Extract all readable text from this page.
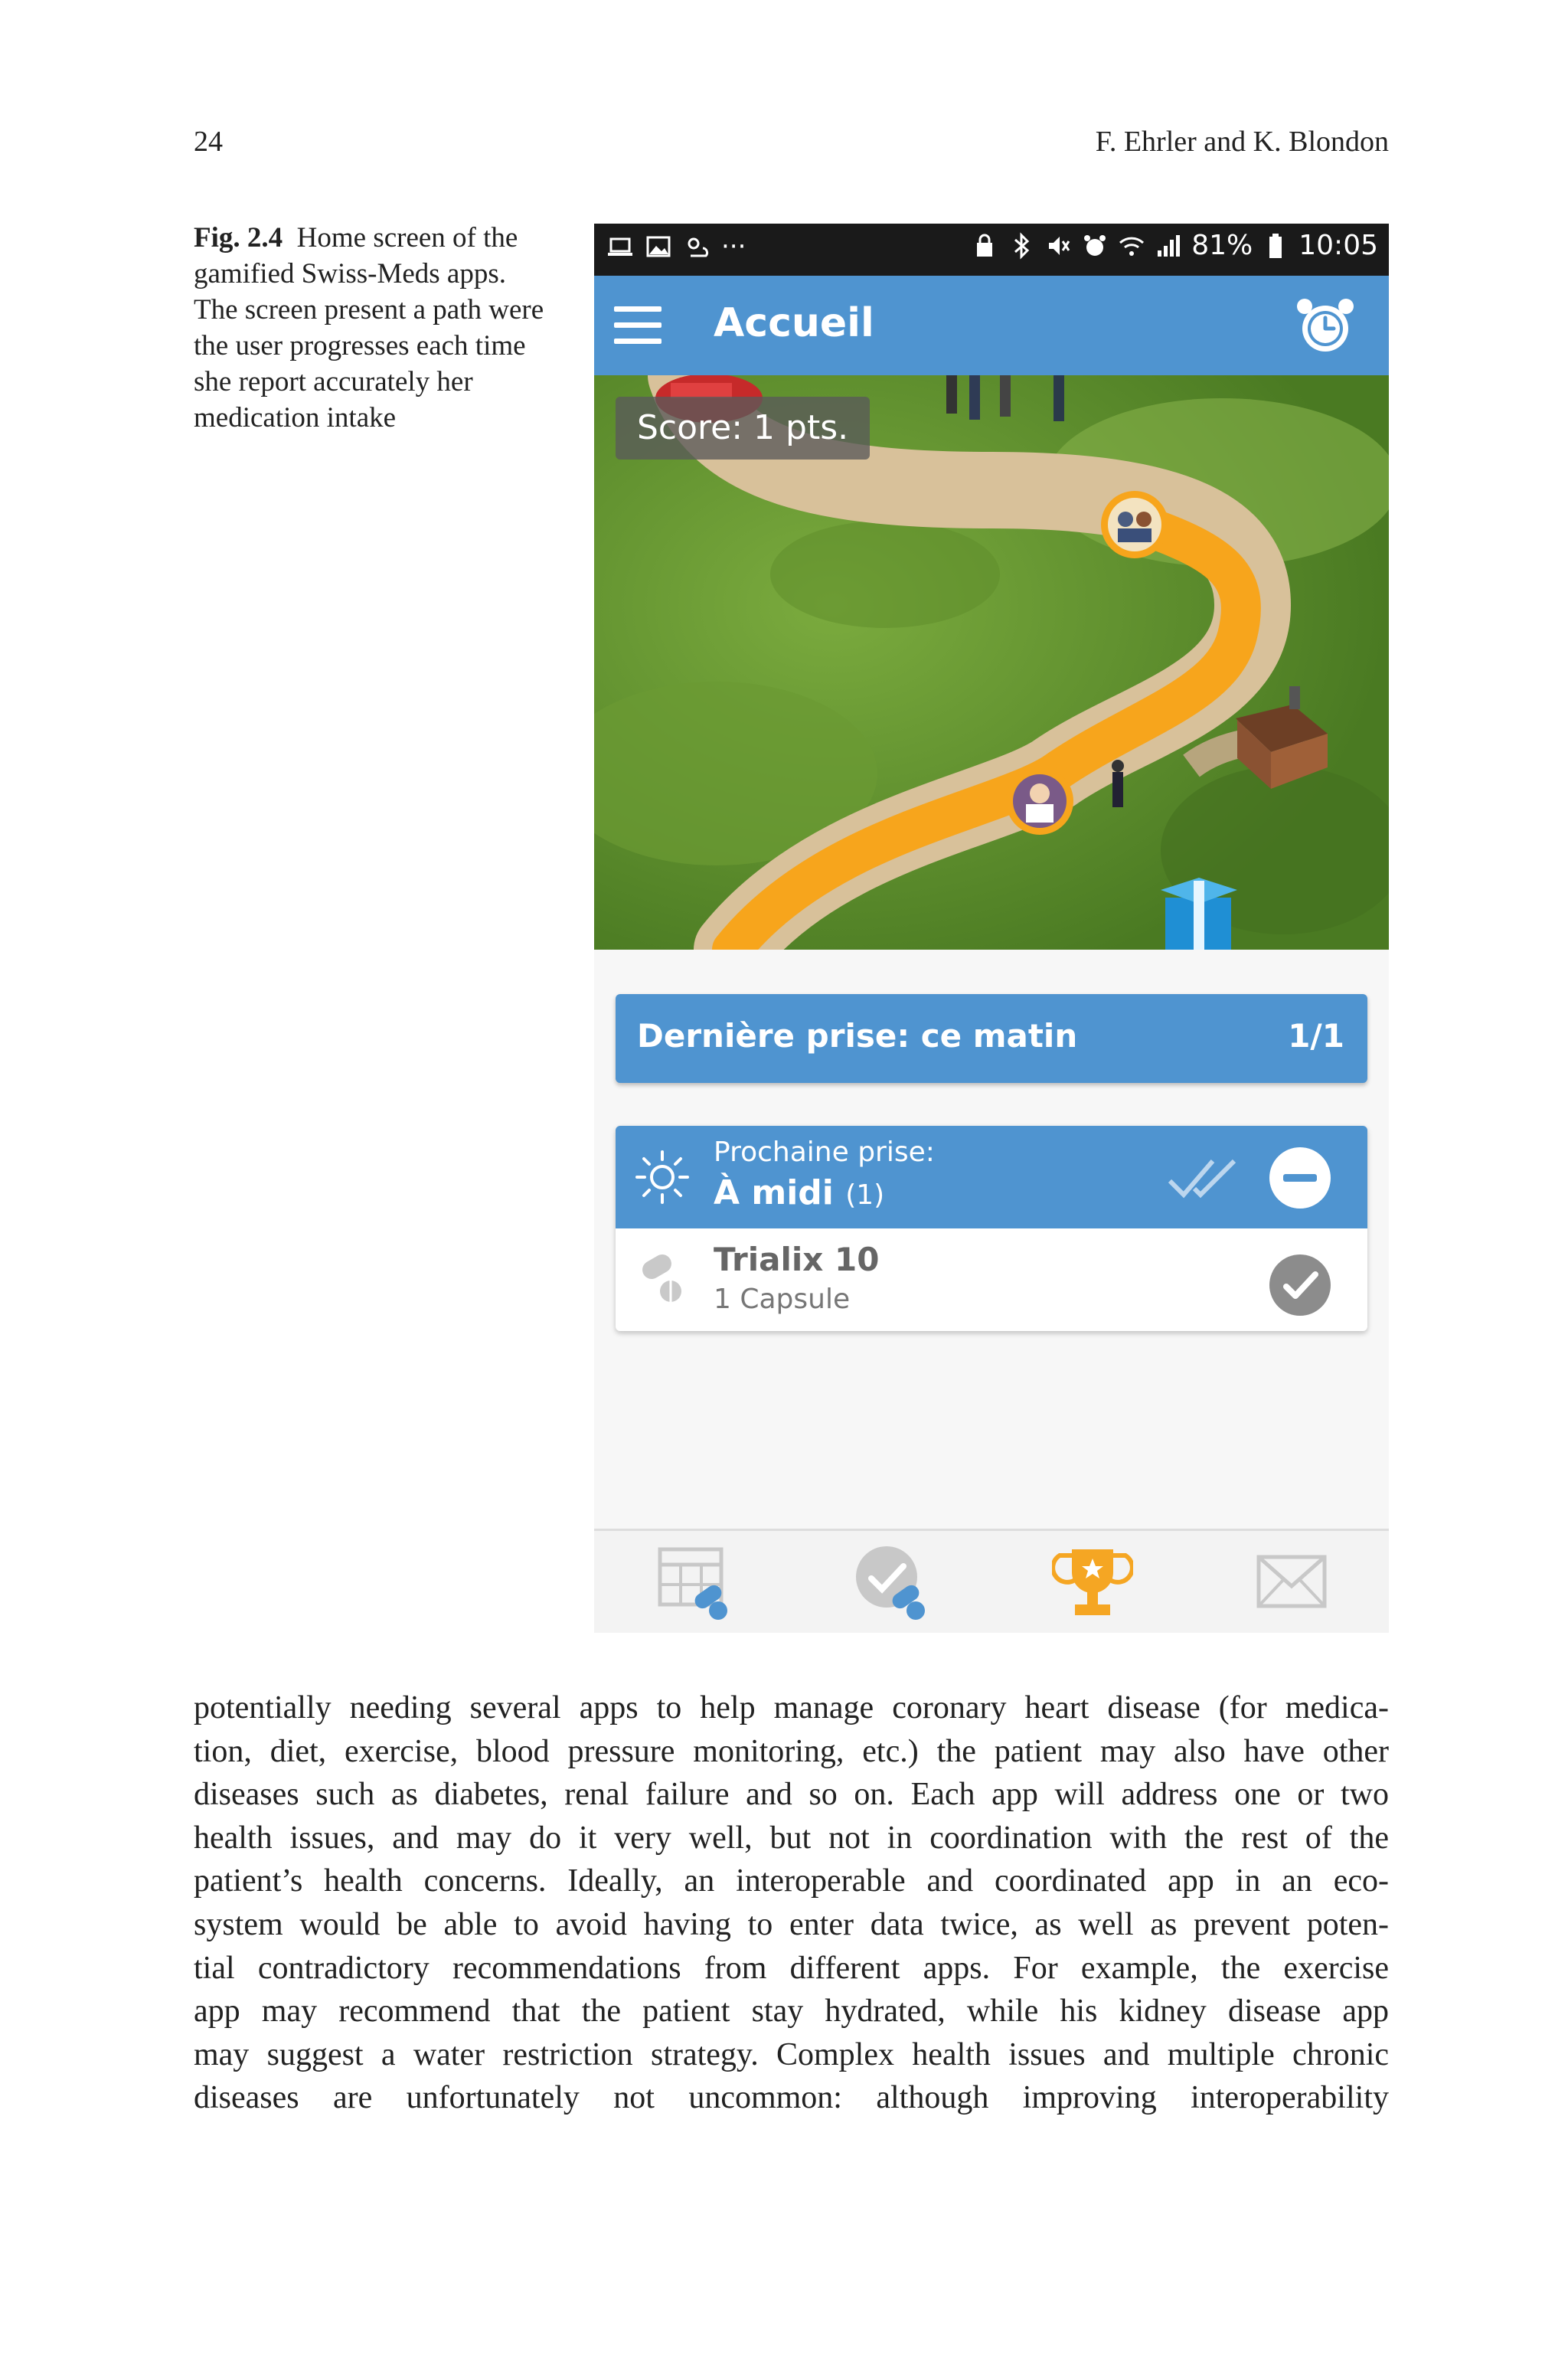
24	F. Ehrler and K. Blondon
Fig. 2.4 Home screen of the gamified Swiss-Meds apps. The screen present a path were the user progresses each time she report accurately her medication intake
···	81% 10:05
Accueil
Score: 1 pts.
Dernière prise: ce matin	1/1
Prochaine prise:
À midi (1)
Trialix 10
1 Capsule
potentially needing several apps to help manage coronary heart disease (for medica-
tion, diet, exercise, blood pressure monitoring, etc.) the patient may also have other
diseases such as diabetes, renal failure and so on. Each app will address one or two
health issues, and may do it very well, but not in coordination with the rest of the
patient’s health concerns. Ideally, an interoperable and coordinated app in an eco-
system would be able to avoid having to enter data twice, as well as prevent poten-
tial contradictory recommendations from different apps. For example, the exercise
app may recommend that the patient stay hydrated, while his kidney disease app
may suggest a water restriction strategy. Complex health issues and multiple chronic
diseases are unfortunately not uncommon: although improving interoperability
